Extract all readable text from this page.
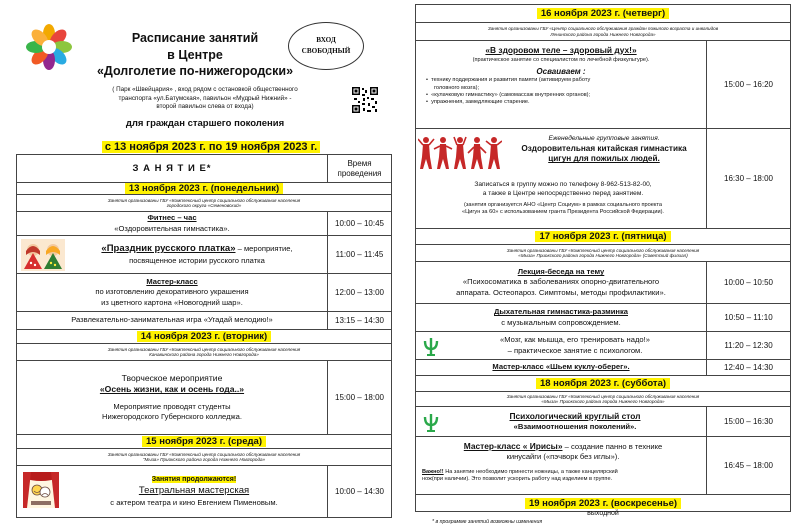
Расписание занятий
в Центре
«Долголетие по-нижегородски»
ВХОД
СВОБОДНЫЙ
( Парк «Швейцария» , вход рядом с остановкой общественного
транспорта «ул.Батумская», павильон «Мудрый Нижний» -
второй павильон слева от входа)
для граждан старшего поколения
с 13 ноября 2023 г. по 19 ноября 2023 г.
З А Н Я Т И Е*	Время
проведения
13 ноября 2023 г. (понедельник)
Занятия организованы ГБУ «Комплексный центр социального обслуживания населения
городского округа «Семеновский»
Фитнес – час
«Оздоровительная гимнастика».	10:00 – 10:45
«Праздник русского платка» – мероприятие,
посвященное истории русского платка
11:00 – 11:45
Мастер-класс
по изготовлению декоративного украшения
из цветного картона «Новогодний шар».
12:00 – 13:00
Развлекательно-занимательная игра «Угадай мелодию!»	13:15 – 14:30
14 ноября 2023 г. (вторник)
Занятия организованы ГБУ «Комплексный центр социального обслуживания населения
Канавинского района города Нижнего Новгорода»
Творческое мероприятие
«Осень жизни, как и осень года..»
Мероприятие проводят студенты
Нижегородского Губернского колледжа.
15:00 – 18:00
15 ноября 2023 г. (среда)
Занятия организованы ГБУ «Комплексный центр социального обслуживания населения
"Мыза» Приокского района города Нижнего Новгорода»
Занятия продолжаются!
Театральная мастерская
с актером театра и кино Евгением Пименовым.
10:00 – 14:30
16 ноября 2023 г. (четверг)
Занятия организованы ГБУ «Центр социального обслуживания граждан пожилого возраста и инвалидов
Ленинского района города Нижнего Новгорода»
«В здоровом теле – здоровый дух!»
(практическое занятие со специалистом по лечебной физкультуре).
Осваиваем :
•  технику поддержания и развития памяти (активируем работу
головного мозга);
•  «кулачковую гимнастику» (самомассаж внутренних органов);
•  упражнения, замедляющие старение.
15:00 – 16:20
Еженедельные групповые занятия.
Оздоровительная китайская гимнастика
цигун для пожилых людей.
Записаться в группу можно по телефону 8-962-513-82-00,
а также в Центре непосредственно перед занятием.
(занятия организуется АНО «Центр Социум» в рамках социального проекта
«Цигун за 60» с использованием гранта Президента Российской Федерации).
16:30 – 18:00
17 ноября 2023 г. (пятница)
Занятия организованы ГБУ «Комплексный центр социального обслуживания населения
«Мыза» Приокского района города Нижнего Новгорода» (Советский филиал)
Лекция-беседа на тему
«Психосоматика в заболеваниях опорно-двигательного
аппарата. Остеопароз. Симптомы, методы профилактики».
10:00 – 10:50
Дыхательная гимнастика-разминка
с музыкальным сопровождением.	10:50 – 11:10
«Мозг, как мышца, его тренировать надо!»
– практическое занятие с психологом.	11:20 – 12:30
Мастер-класс «Шьем куклу-оберег».	12:40 – 14:30
18 ноября 2023 г. (суббота)
Занятия организованы ГБУ «Комплексный центр социального обслуживания населения
«Мыза» Приокского района города Нижнего Новгорода»
Психологический круглый стол
«Взаимоотношения поколений».
15:00 – 16:30
Мастер-класс « Ирисы» – создание панно в технике
кинусайги («пэчворк без иглы»).
Важно!! На занятие необходимо принести ножницы, а также канцелярский
нож(при наличии). Это позволит ускорить работу над изделием в группе.
16:45 – 18:00
19 ноября 2023 г. (воскресенье)
выходной
* в программе занятий возможны изменения
